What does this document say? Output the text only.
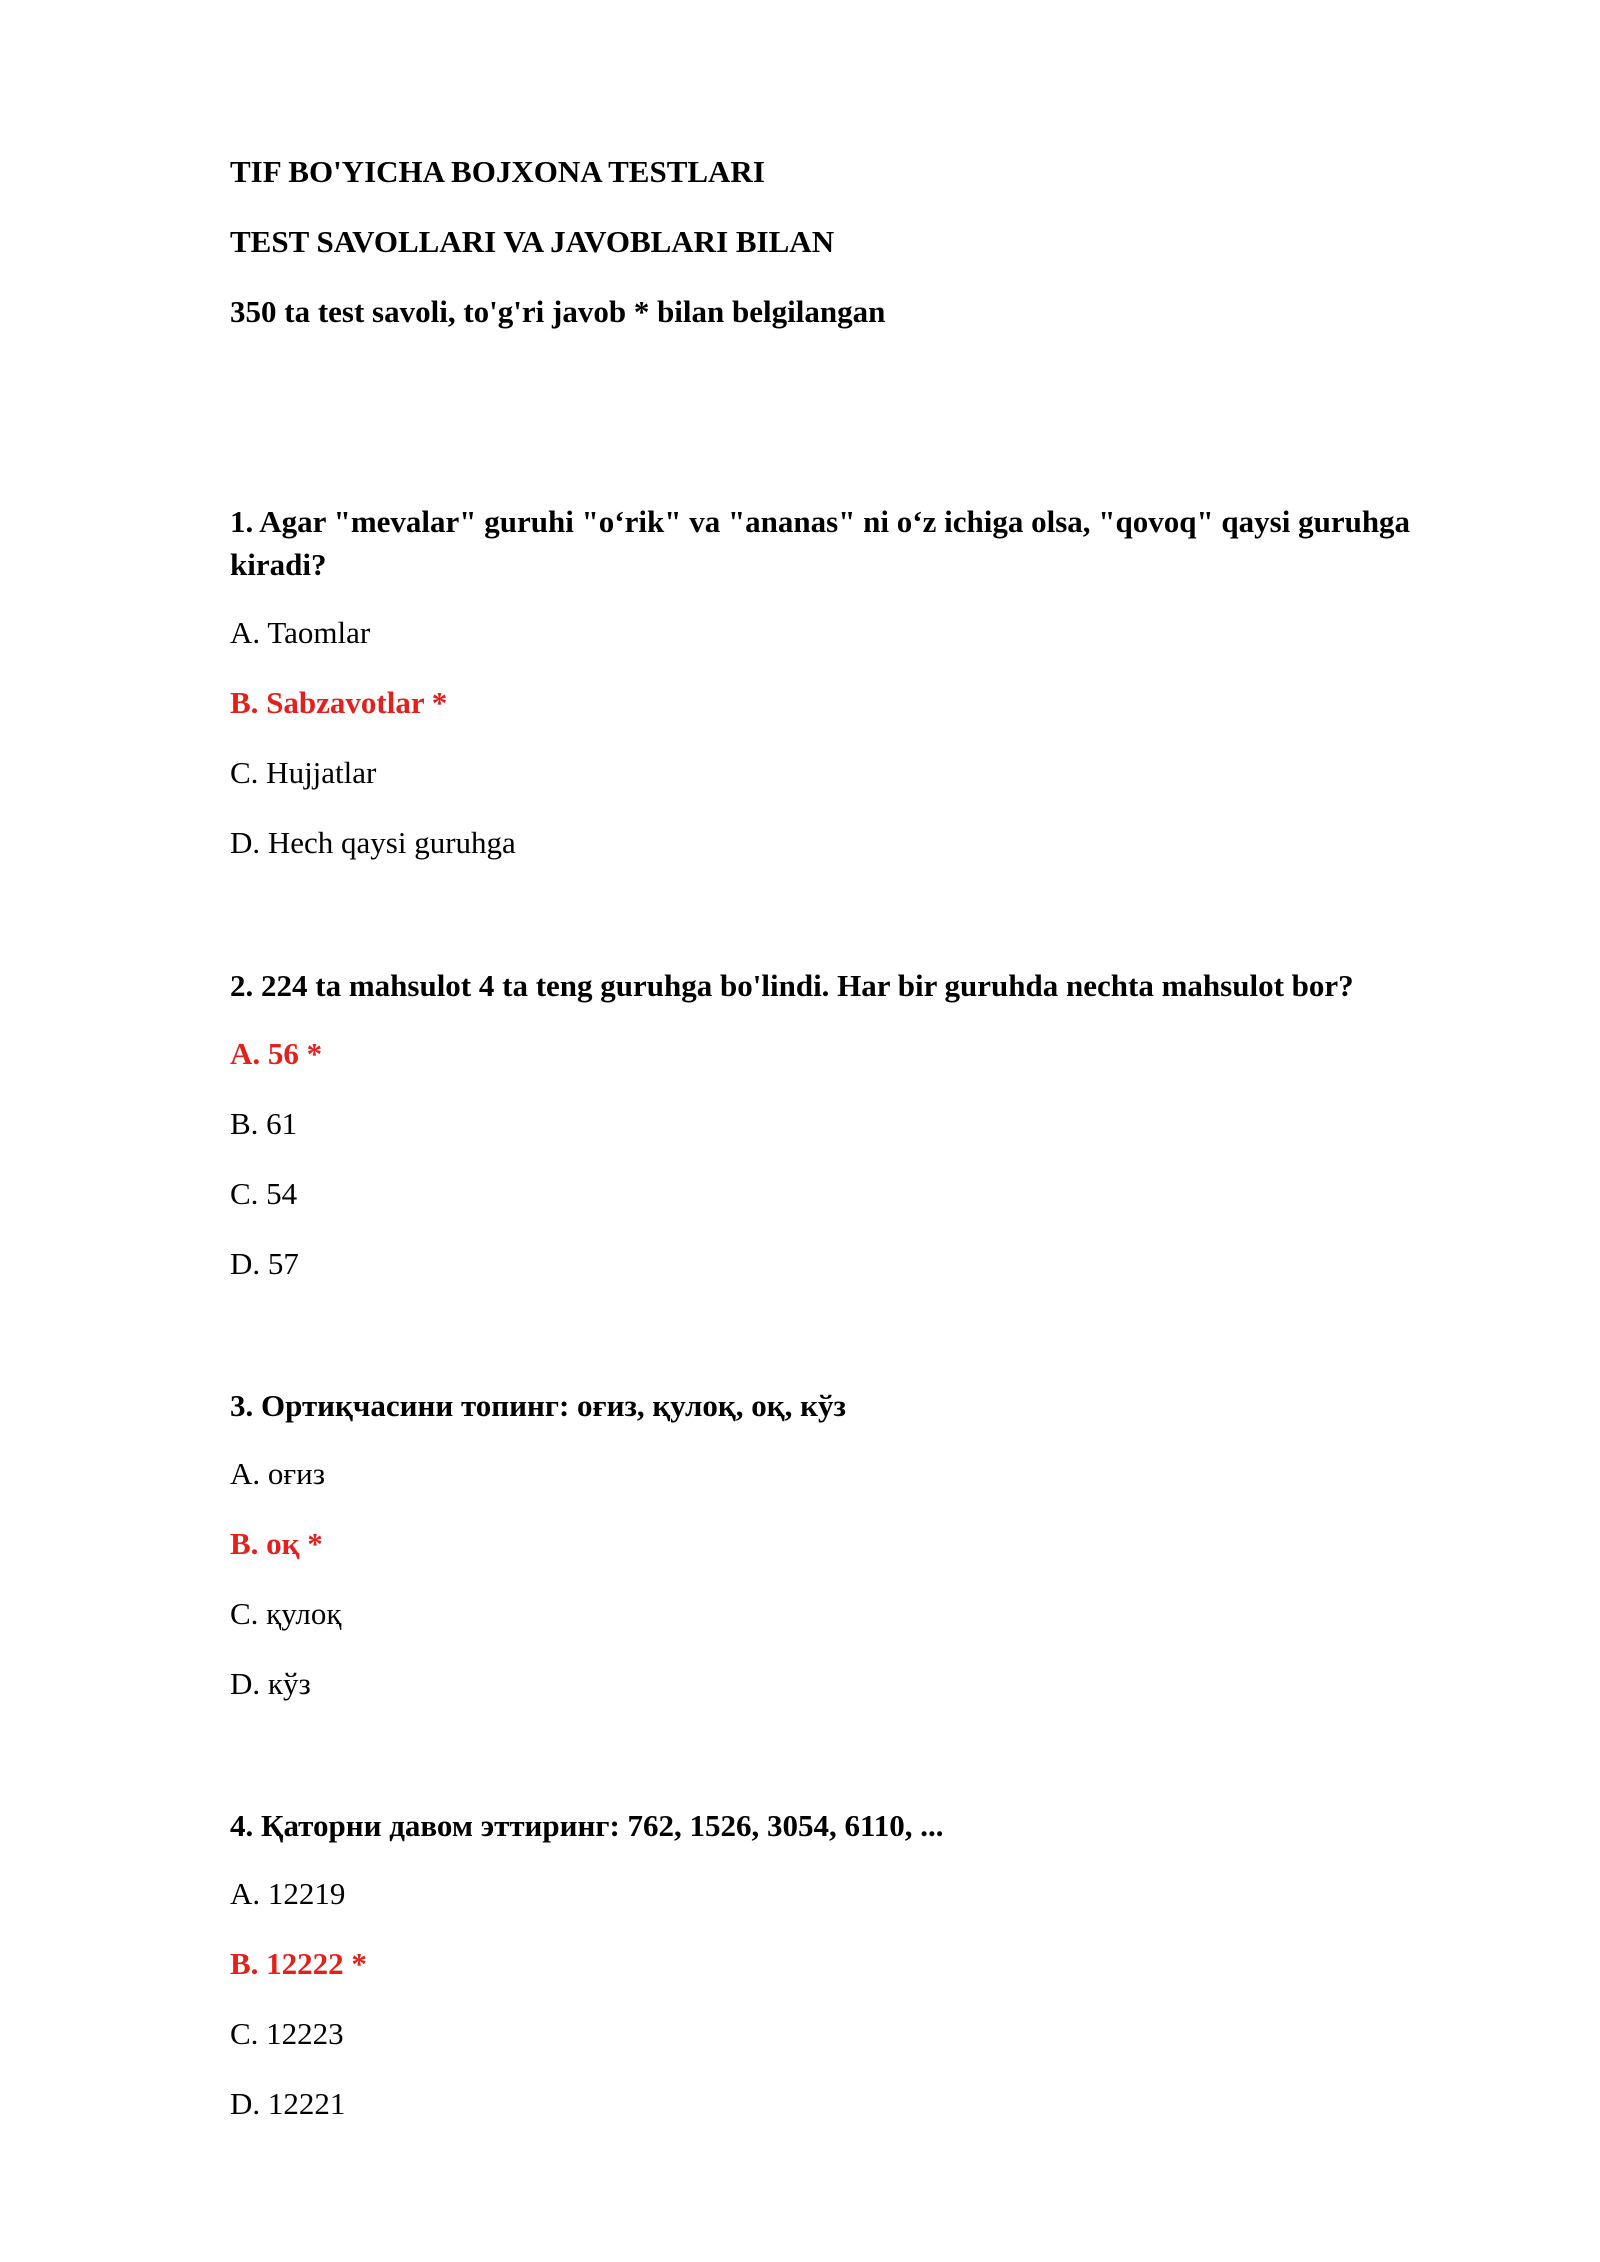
TIF BO'YICHA BOJXONA TESTLARI
TEST SAVOLLARI VA JAVOBLARI BILAN
350 ta test savoli, to'g'ri javob * bilan belgilangan

1. Agar "mevalar" guruhi "o‘rik" va "ananas" ni o‘z ichiga olsa, "qovoq" qaysi guruhga kiradi?

A. Taomlar
B. Sabzavotlar *
C. Hujjatlar
D. Hech qaysi guruhga

2. 224 ta mahsulot 4 ta teng guruhga bo'lindi. Har bir guruhda nechta mahsulot bor?

A. 56 *
B. 61
C. 54
D. 57

3. Ортиқчасини топинг: оғиз, қулоқ, оқ, кўз

A. оғиз
B. оқ *
C. қулоқ
D. кўз

4. Қаторни давом эттиринг: 762, 1526, 3054, 6110, ...

A. 12219
B. 12222 *
C. 12223
D. 12221
